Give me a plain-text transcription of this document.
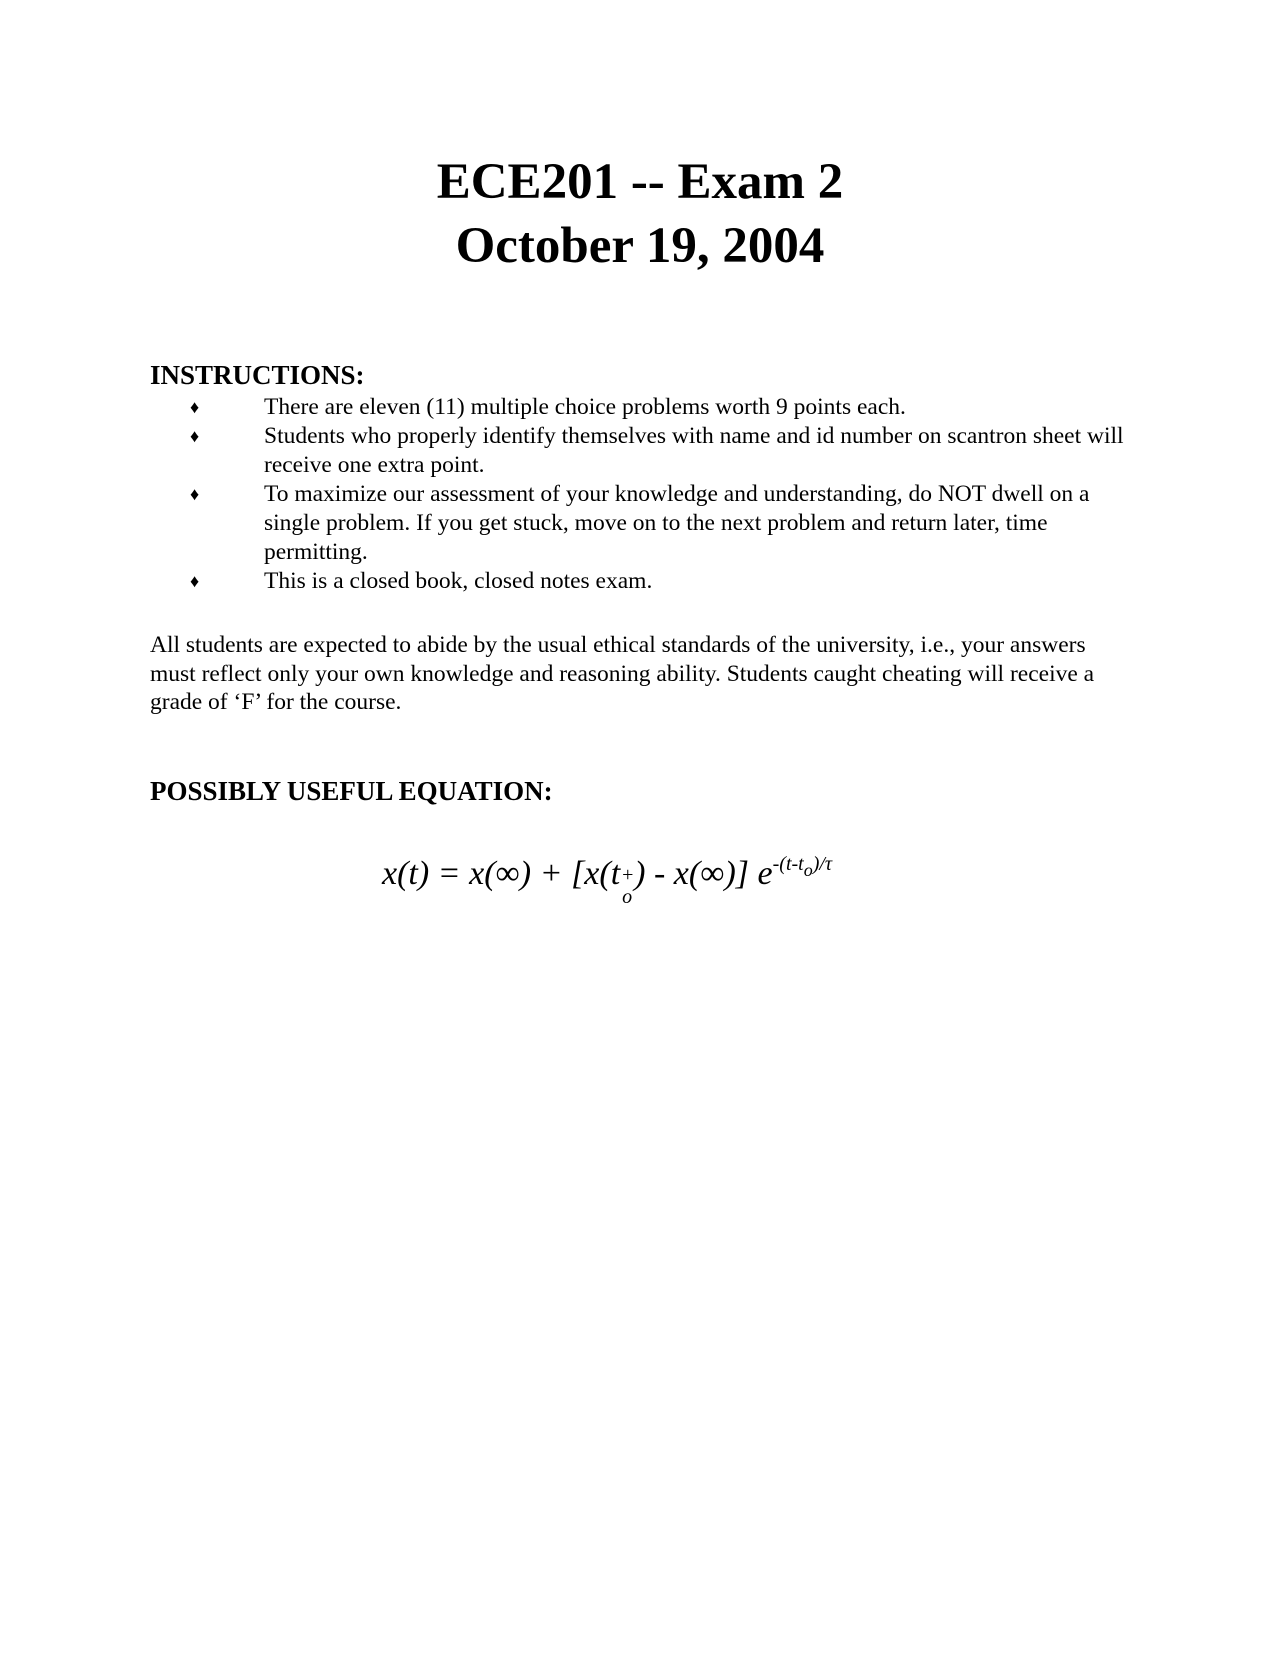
ECE201 -- Exam 2
October 19, 2004
INSTRUCTIONS:
♦	There are eleven (11) multiple choice problems worth 9 points each.
♦	Students who properly identify themselves with name and id number on scantron sheet will receive one extra point.
♦	To maximize our assessment of your knowledge and understanding, do NOT dwell on a single problem. If you get stuck, move on to the next problem and return later, time permitting.
♦	This is a closed book, closed notes exam.

All students are expected to abide by the usual ethical standards of the university, i.e., your answers must reflect only your own knowledge and reasoning ability. Students caught cheating will receive a grade of ‘F’ for the course.

POSSIBLY USEFUL EQUATION:
x(t) = x(∞) + [x(t +
o
) - x(∞)] $e^{-(t-to)/\tau}$
